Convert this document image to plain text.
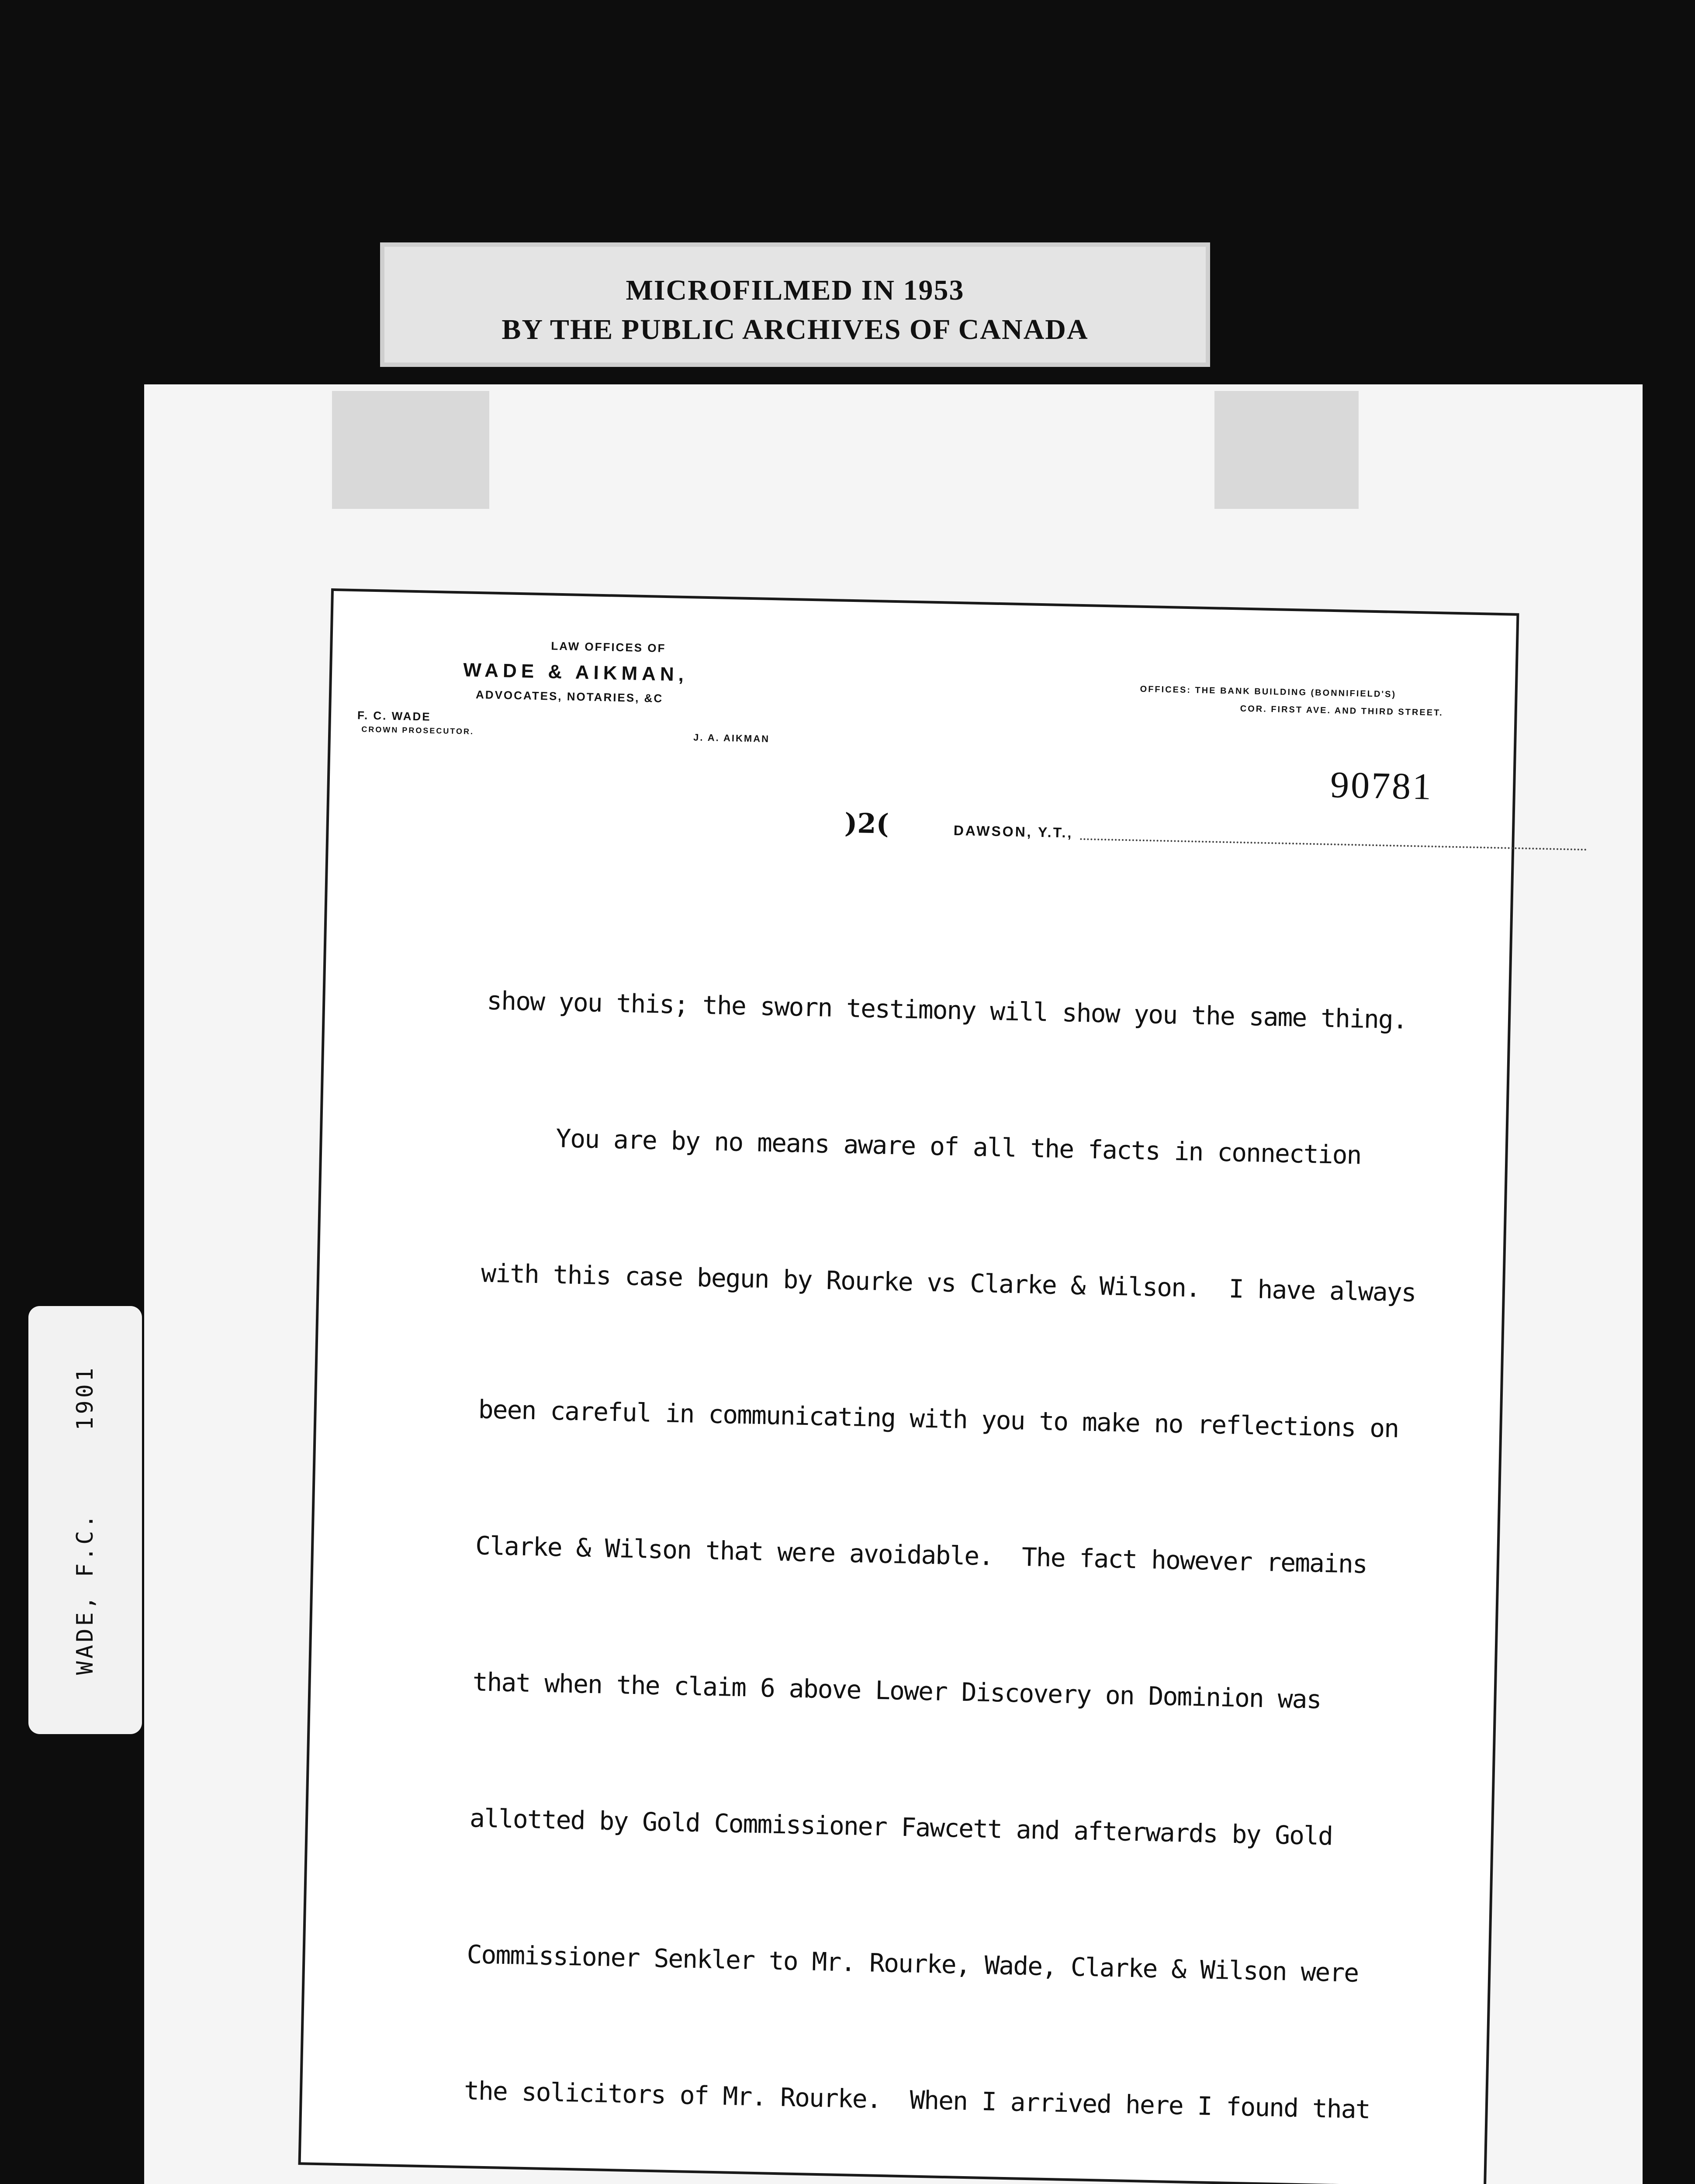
MICROFILMED IN 1953
BY THE PUBLIC ARCHIVES OF CANADA
WADE, F.C.     1901
LAW OFFICES OF
WADE & AIKMAN,
ADVOCATES, NOTARIES, &C
F. C. WADE
CROWN PROSECUTOR.
J. A. AIKMAN
OFFICES: THE BANK BUILDING (BONNIFIELD'S)
COR. FIRST AVE. AND THIRD STREET.
90781
)2(	DAWSON, Y.T.,

show you this; the sworn testimony will show you the same thing.

You are by no means aware of all the facts in connection

with this case begun by Rourke vs Clarke & Wilson.  I have always

been careful in communicating with you to make no reflections on

Clarke & Wilson that were avoidable.  The fact however remains

that when the claim 6 above Lower Discovery on Dominion was

allotted by Gold Commissioner Fawcett and afterwards by Gold

Commissioner Senkler to Mr. Rourke, Wade, Clarke & Wilson were

the solicitors of Mr. Rourke.  When I arrived here I found that
